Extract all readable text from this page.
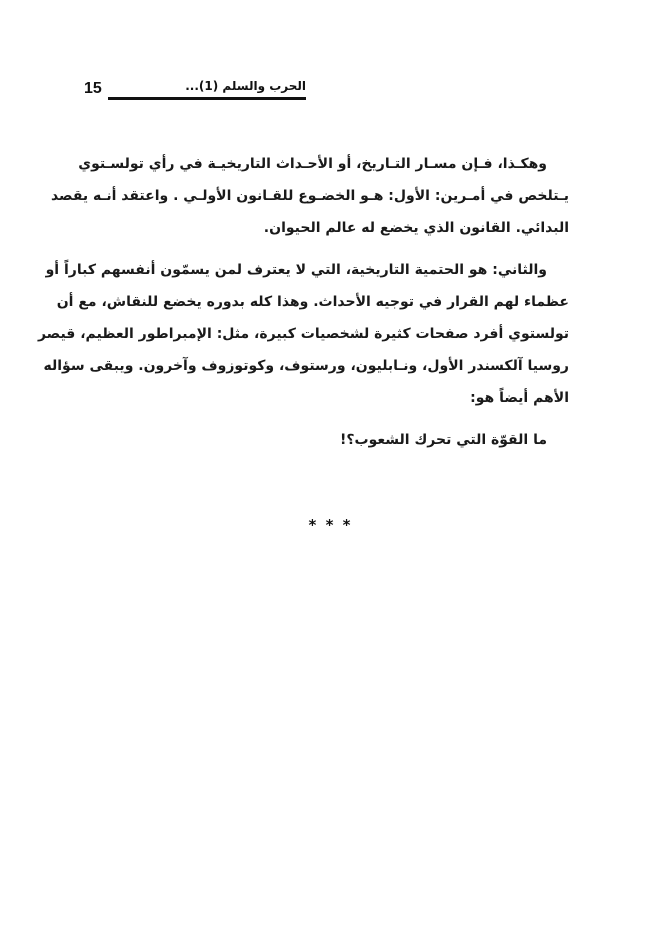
15	الحرب والسلم (1)...
وهكـذا، فـإن مسـار التـاريخ، أو الأحـداث التاريخيـة في رأي تولسـتوي
يـتلخص في أمـرين: الأول: هـو الخضـوع للقـانون الأولـي . واعتقد أنـه يقصد
البدائي. القانون الذي يخضع له عالم الحيوان.
والثاني: هو الحتمية التاريخية، التي لا يعترف لمن يسمّون أنفسهم كباراً أو
عظماء لهم القرار في توجيه الأحداث. وهذا كله بدوره يخضع للنقاش، مع أن
تولستوي أفرد صفحات كثيرة لشخصيات كبيرة، مثل: الإمبراطور العظيم، قيصر
روسيا آلكسندر الأول، ونـابليون، ورستوف، وكوتوزوف وآخرون. ويبقى سؤاله
الأهم أيضاً هو:
ما القوّة التي تحرك الشعوب؟!
* * *
